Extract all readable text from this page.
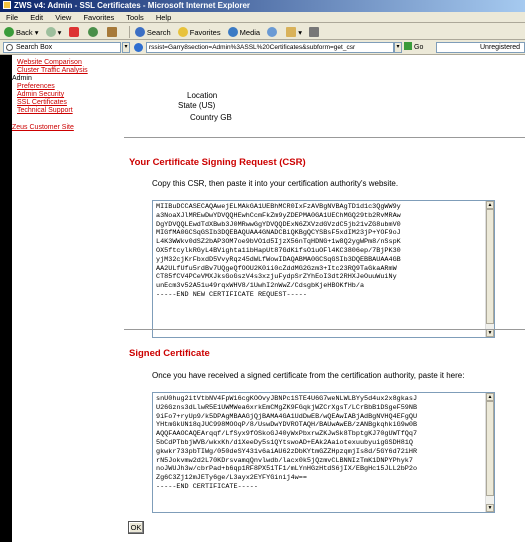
ZWS v4: Admin - SSL Certificates - Microsoft Internet Explorer
File Edit View Favorites Tools Help
Back ▾	▾	Search	Favorites	Media	▾
Search Box	▾	rssist=Garry8section=Admin%3ASSL%20Certificates&subform=get_csr	▾	Go	Unregistered
Website Comparison
Cluster Traffic Analysis
Admin
Preferences
Admin Security
SSL Certificates
Technical Support
Zeus Customer Site
Location
State (US)
Country GB
Your Certificate Signing Request (CSR)
Copy this CSR, then paste it into your certification authority's website.
MIIBuDCCASECAQAwejELMAkGA1UEBhMCR0IxFzAVBgNVBAgTD1d1c3QgWW9y
a3NoaXJlMREwDwYDVQQHEwhCcmFkZm9yZDEPMA0GA1UEChMGQ29tb2RvMRAw
DgYDVQQLEwdTdXBwb3J0MRwwGgYDVQQDExN6ZXVzdGVzdC5jb21vZG8ubmV0
MIGfMA0GCSqGSIb3DQEBAQUAA4GNADCBiQKBgQCYSBsF5xdIM23jP+YOF9oJ
L4K3WWkv0dSZ2bAP3OM7oe9bVO1d5IjzX56nTqHDNG+1w8Q2ygWPm8/nSspK
OX5ftcylkRGyL4BVighta1ibHapUt87GdKifsO1uOFl4KC3806ep/7BjPK30
yjM32cjKrFbxdD5VvyRqz45dWLfWowIDAQABMA0GCSqGSIb3DQEBBAUAA4GB
AA2ULfUfu5rdBv7UQgeQfOOU2K0ii0cZddMG2Gzm3+Itc23RQ9TaGkaARmW
CT85fCV4PCeVMXJksGoGszV4s3xzjuFydpSrZYhEoI3dt2RHXJeOuuWuiNy
unEcm3v52A51u49rqxWHV8/1UwhI2nWwZ/CdsgbKjeHBOKfHb/a
-----END NEW CERTIFICATE REQUEST-----
▲
▼
Signed Certificate
Once you have received a signed certificate from the certification authority, paste it here:
snU0hug2itVtbNV4FpWi6cgKOOvyJBNPc1STE4U6G7weNLWLBYy5d4ux2x8gkasJ
U26Gzns3dLlwR5E1UWMWea6xrkEmCMgZK9FGqkjWZCrXgsT/LCrBbB1DSgeF59NB
9iFo7+ryUp9/k5DPAgMBAAGjQjBAMA4GA1UdDwEB/wQEAwIABjAdBgNVHQ4EFgQU
YHtmGkUN18qJUC998MOOqP/8/UswDwYDVROTAQH/BAUwAwEB/zANBgkqhkiG9w0B
AQQFAAOCAQEArqqf/LfSyx9fOSkoGJ40yWxPbxrwZKJwSk8TbptgKJ70gUWTfQq7
5bCdPTbbjWVB/wkxKh/d1XeeDy5s1QYtswoAD+EAk2AaiotexuubyuigGSDH81Q
gkwkr733pbTIWg/050deSY431v6aiAU62zDbKYtmGZZHpzqmjIs8d/5GY6d72iHR
rN5Jokvmw2d2L70KDrsvamqQnvlwdb/lacx0k5jQzmvCLBNNIzTmK1DNPYPhyk7
noJWUJh3w/cbrPad+b6qp1RF8PX51TF1/mLYnHGzHtdS6jIX/EBgHc15JLL2bP2o
Zg6C3Zj12mJETy6ge/L3ayx2EYFYGinij4w==
-----END CERTIFICATE-----
▲
▼
OK
